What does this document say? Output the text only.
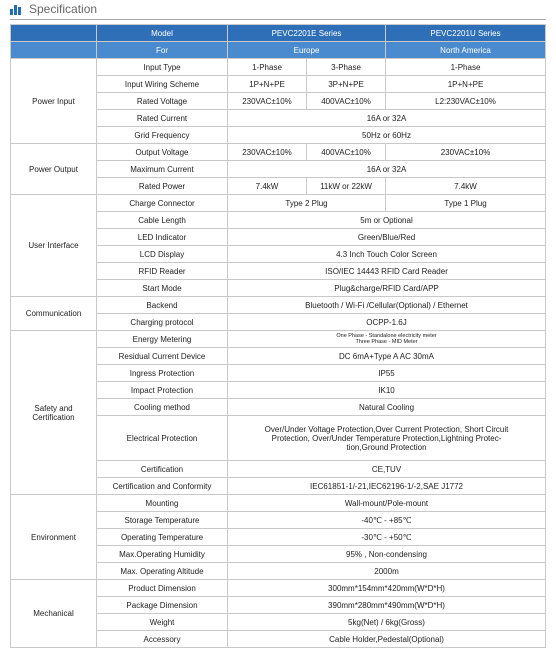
Specification
	Model	PEVC2201E Series		PEVC2201U Series
	For	Europe		North America
Power Input	Input Type	1-Phase	3-Phase	1-Phase
	Input Wiring Scheme	1P+N+PE	3P+N+PE	1P+N+PE
	Rated Voltage	230VAC±10%	400VAC±10%	L2:230VAC±10%
	Rated Current	16A or 32A		
	Grid Frequency	50Hz or 60Hz		
Power Output	Output Voltage	230VAC±10%	400VAC±10%	230VAC±10%
	Maximum Current	16A or 32A		
	Rated Power	7.4kW	11kW or 22kW	7.4kW
User Interface	Charge Connector	Type 2 Plug		Type 1 Plug
	Cable Length	5m or Optional		
	LED Indicator	Green/Blue/Red		
	LCD Display	4.3 Inch Touch Color Screen		
	RFID Reader	ISO/IEC 14443 RFID Card Reader		
	Start Mode	Plug&charge/RFID Card/APP		
Communication	Backend	Bluetooth / Wi-Fi /Cellular(Optional) / Ethernet		
	Charging protocol	OCPP-1.6J		
Safety and Certification	Energy Metering	One Phase - Standalone electricity meter
Three Phase - MID Meter		

	Residual Current Device	DC 6mA+Type A AC 30mA		
	Ingress Protection	IP55		
	Impact Protection	IK10		
	Cooling method	Natural Cooling		
	Electrical Protection	Over/Under Voltage Protection,Over Current Protection, Short Circuit Protection, Over/Under Temperature Protection,Lightning Protec-tion,Ground Protection		
	Certification	CE,TUV		
	Certification and Conformity	IEC61851-1/-21,IEC62196-1/-2,SAE J1772		
Environment	Mounting	Wall-mount/Pole-mount		
	Storage Temperature	-40℃ - +85℃		
	Operating Temperature	-30℃ - +50℃		
	Max.Operating Humidity	95% , Non-condensing		
	Max. Operating Altitude	2000m		
Mechanical	Product Dimension	300mm*154mm*420mm(W*D*H)		
	Package Dimension	390mm*280mm*490mm(W*D*H)		
	Weight	5kg(Net) / 6kg(Gross)		
	Accessory	Cable Holder,Pedestal(Optional)		
